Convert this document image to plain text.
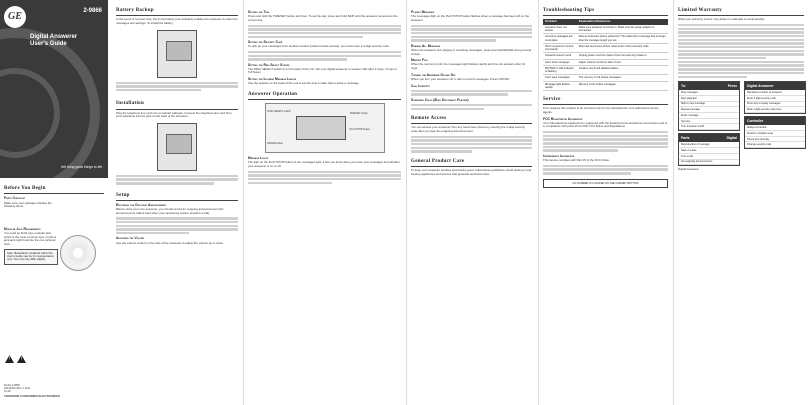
GE	2-9866
Digital Answerer
User's Guide
We bring good things to life.
Before You Begin
Parts Checklist
Make sure your package includes the following items:
Modular Jack Requirements
You need an RJ11 type modular jack, which is the most common type of phone jack and might look like the one pictured here.
Note: Illustrations contained within this User's Guide may be for representation only. Your unit may differ slightly.
!	!
Model 2-9866
00019426 (Rev. 1 E/S)
01-09
THOMSON CONSUMER ELECTRONICS
Battery Backup
In the event of a power loss, the 9-volt battery (not included) enables the answerer to retain the messages and settings. To install the battery:
Installation
Plug the telephone line cord into a modular wall jack. Connect the telephone line cord from your telephone into the jack on the back of the answerer.
Setup
Recording the Outgoing Announcement
Before using your new answerer, you should record an outgoing announcement (the announcement callers hear when your answering system answers a call).
Adjusting the Volume
Use the volume control on the side of the answerer to adjust the volume up or down.
Setting the Time
Press and hold the TIME/SET button and then: To set the day, press and hold SKIP until the answerer announces the correct day.
Setting the Security Code
To pick up your messages from another location (called remote access), you must enter a 3-digit security code.
Setting the Ring Select System
The RING SELECT switch is on the back of the unit. Set your digital answerer to answer calls after 2 rings, 4 rings or Toll Saver.
Setting the Incoming Message Length
Use the selector on the back of the unit to set the time a caller has to leave a message.
Answerer Operation
RING SELECT switch
TIME/SET button
PLAY/STOP button
ERASE button
Message Lights
The light on the PLAY/STOP button is the messages light. It lets you know when you have new messages and whether your answerer is on or off.
Playing Messages
The messages light on the PLAY/STOP button flashes when a message has been left on the answerer.
Erasing All Messages
When the answerer isn't playing or recording messages, press and hold ERASE until you hear a beep.
Memory Full
When the memory is full, the messages light flashes rapidly and the unit answers after 10 rings.
Turning the Answerer On and Off
When you turn your answerer off, it will not record messages. Press ON/OFF.
Call Intercept
Screening Calls (Busy Disconnect Feature)
Remote Access
You can access your answerer from any touch-tone phone by entering the 3-digit security code after you hear the outgoing announcement.
General Product Care
To keep your answerer working and looking good, follow these guidelines: Avoid putting it near heating appliances and devices that generate electrical noise.
Troubleshooting Tips
Problem	Explanation/Solutions
Answerer does not answer	Make sure answerer is turned on. Make sure AC power adaptor is connected.
Incoming messages are incomplete	Was an extension phone picked up? The caller left a message that is longer than the message length you set.
Won't respond to remote commands	Must use touch-tone phone. Must enter correct security code.
Answerer doesn't work	Unplug power cord from back of the unit and plug it back in.
Can't hear messages	Adjust volume control on side of unit.
BATTERY LOW indicator is flashing	Install a new 9-volt alkaline battery.
Can't save messages	The memory is full. Erase messages.
Message light flashes rapidly	Memory is full. Erase messages.
Service
FCC requires this product to be serviced only by the manufacturer or its authorized service agents.
FCC Registration Information
Your GE telephone equipment is registered with the Federal Communications Commission and is in compliance with parts 15 and 68, FCC Rules and Regulations.
Interference Information
This device complies with Part 15 of the FCC Rules.
NO NUMBER IS LOCATED ON THE CABINET BOTTOM
Limited Warranty
What your warranty covers: Any defect in materials or workmanship.
To:	Press
Play messages
Stop playback
Skip to next message
Repeat message
Erase message
Set time
Turn answerer on/off
Parts	Digital
Reproduction of message
Save or erase
Turn on/off
Set outgoing announcement
Digital Answerer
Dial phone number of answerer
Enter 3-digit security code
Press key to replay messages
Write 3-digit security code here
Controller
Always at random
Perform complete reset
Check time and day
Change security code
Digital Answerer
